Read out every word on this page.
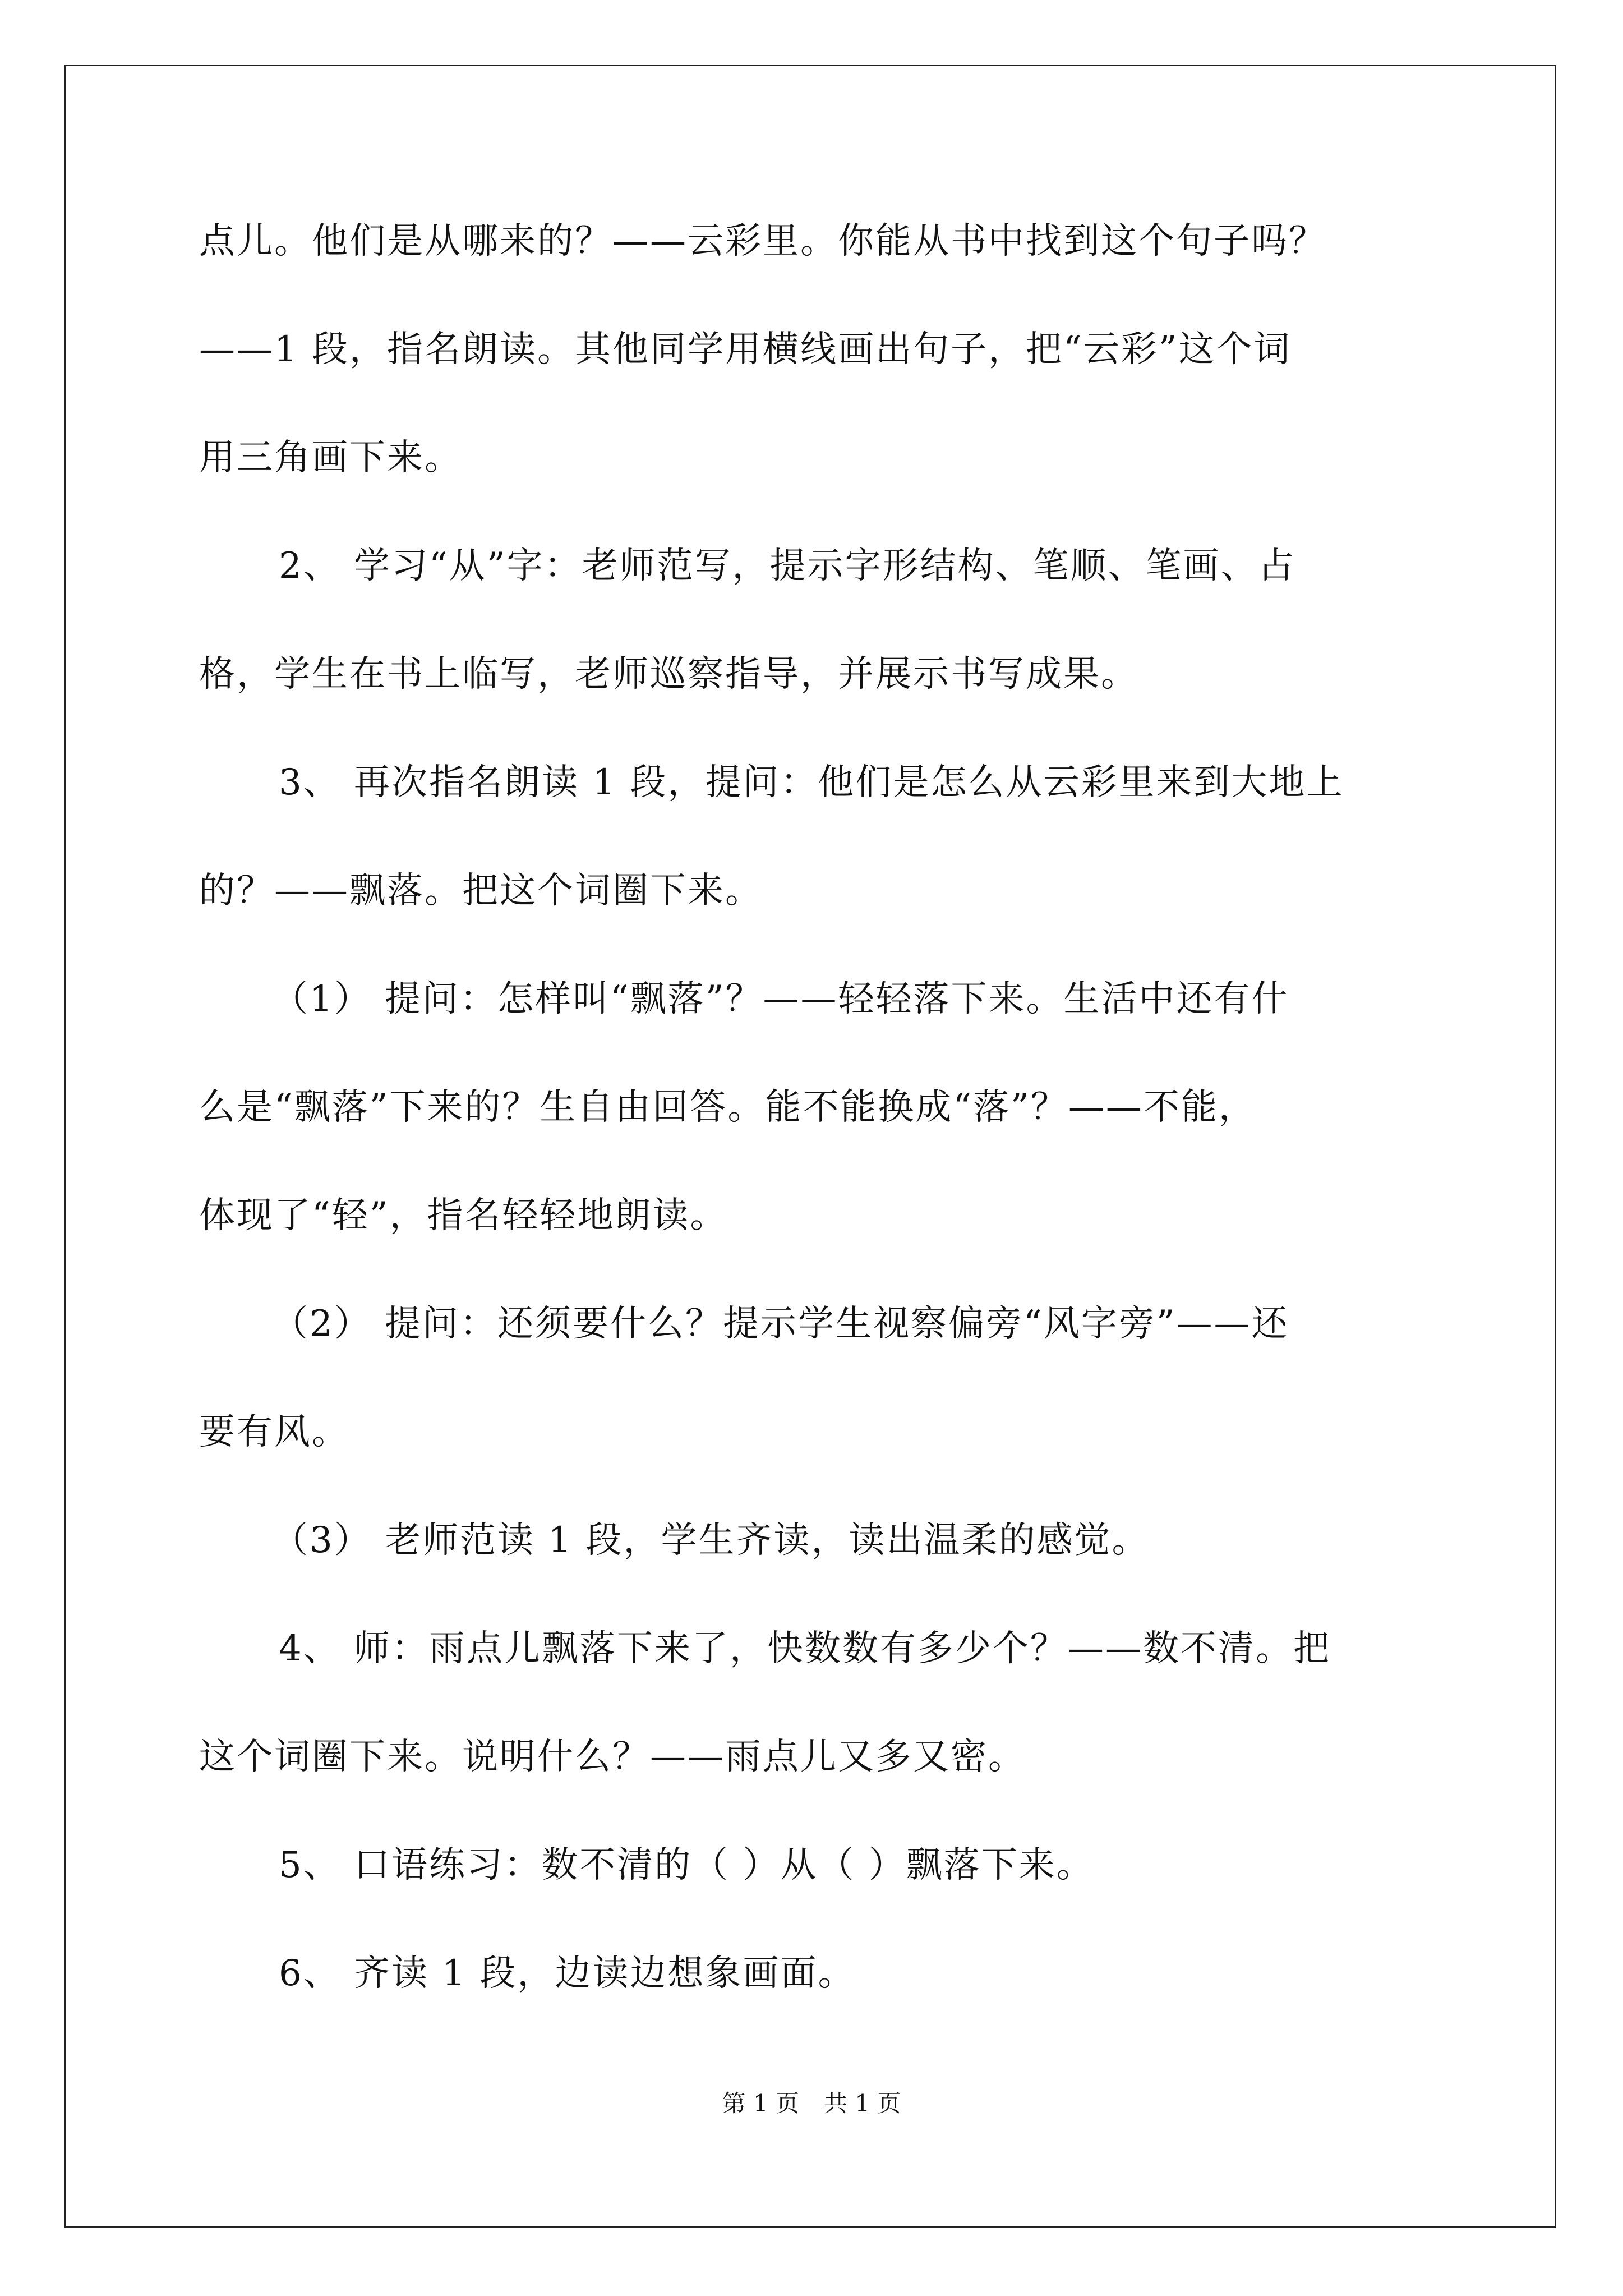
点儿。他们是从哪来的？——云彩里。你能从书中找到这个句子吗？
——1 段，指名朗读。其他同学用横线画出句子，把“云彩”这个词
用三角画下来。
2、 学习“从”字：老师范写，提示字形结构、笔顺、笔画、占
格，学生在书上临写，老师巡察指导，并展示书写成果。
3、 再次指名朗读 1 段，提问：他们是怎么从云彩里来到大地上
的？——飘落。把这个词圈下来。
（1） 提问：怎样叫“飘落”？——轻轻落下来。生活中还有什
么是“飘落”下来的？生自由回答。能不能换成“落”？——不能，
体现了“轻”，指名轻轻地朗读。
（2） 提问：还须要什么？提示学生视察偏旁“风字旁”——还
要有风。
（3） 老师范读 1 段，学生齐读，读出温柔的感觉。
4、 师：雨点儿飘落下来了，快数数有多少个？——数不清。把
这个词圈下来。说明什么？——雨点儿又多又密。
5、 口语练习：数不清的（ ）从（ ）飘落下来。
6、 齐读 1 段，边读边想象画面。
第 1 页 共 1 页
